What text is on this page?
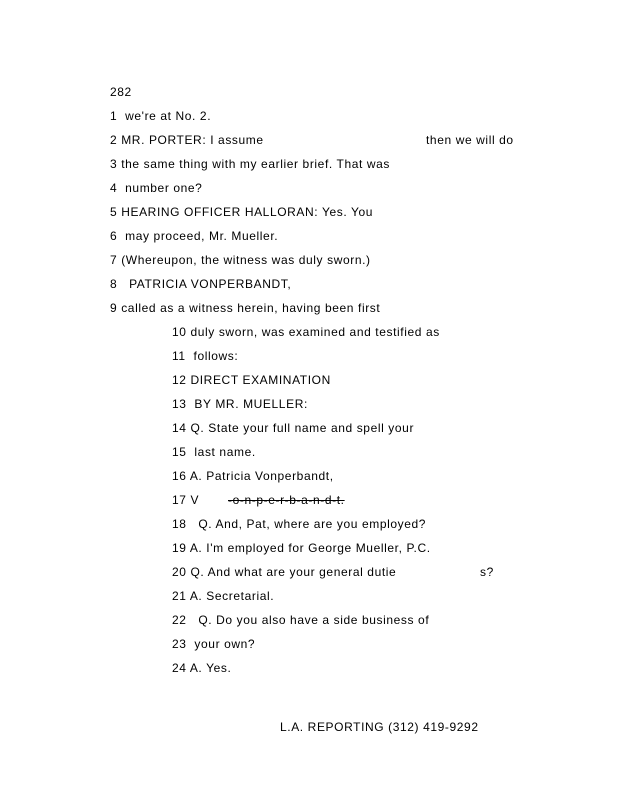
282
1  we're at No. 2.
2 MR. PORTER: I assume	then we will do
3 the same thing with my earlier brief. That was
4  number one?
5 HEARING OFFICER HALLORAN: Yes. You
6  may proceed, Mr. Mueller.
7 (Whereupon, the witness was duly sworn.)
8   PATRICIA VONPERBANDT,
9 called as a witness herein, having been first
10 duly sworn, was examined and testified as
11  follows:
12 DIRECT EXAMINATION
13  BY MR. MUELLER:
14 Q. State your full name and spell your
15  last name.
16 A. Patricia Vonperbandt,
17 V -o-n-p-e-r-b-a-n-d-t.
18   Q. And, Pat, where are you employed?
19 A. I'm employed for George Mueller, P.C.
20 Q. And what are your general dutie	s?
21 A. Secretarial.
22   Q. Do you also have a side business of
23  your own?
24 A. Yes.
L.A. REPORTING (312) 419-9292
